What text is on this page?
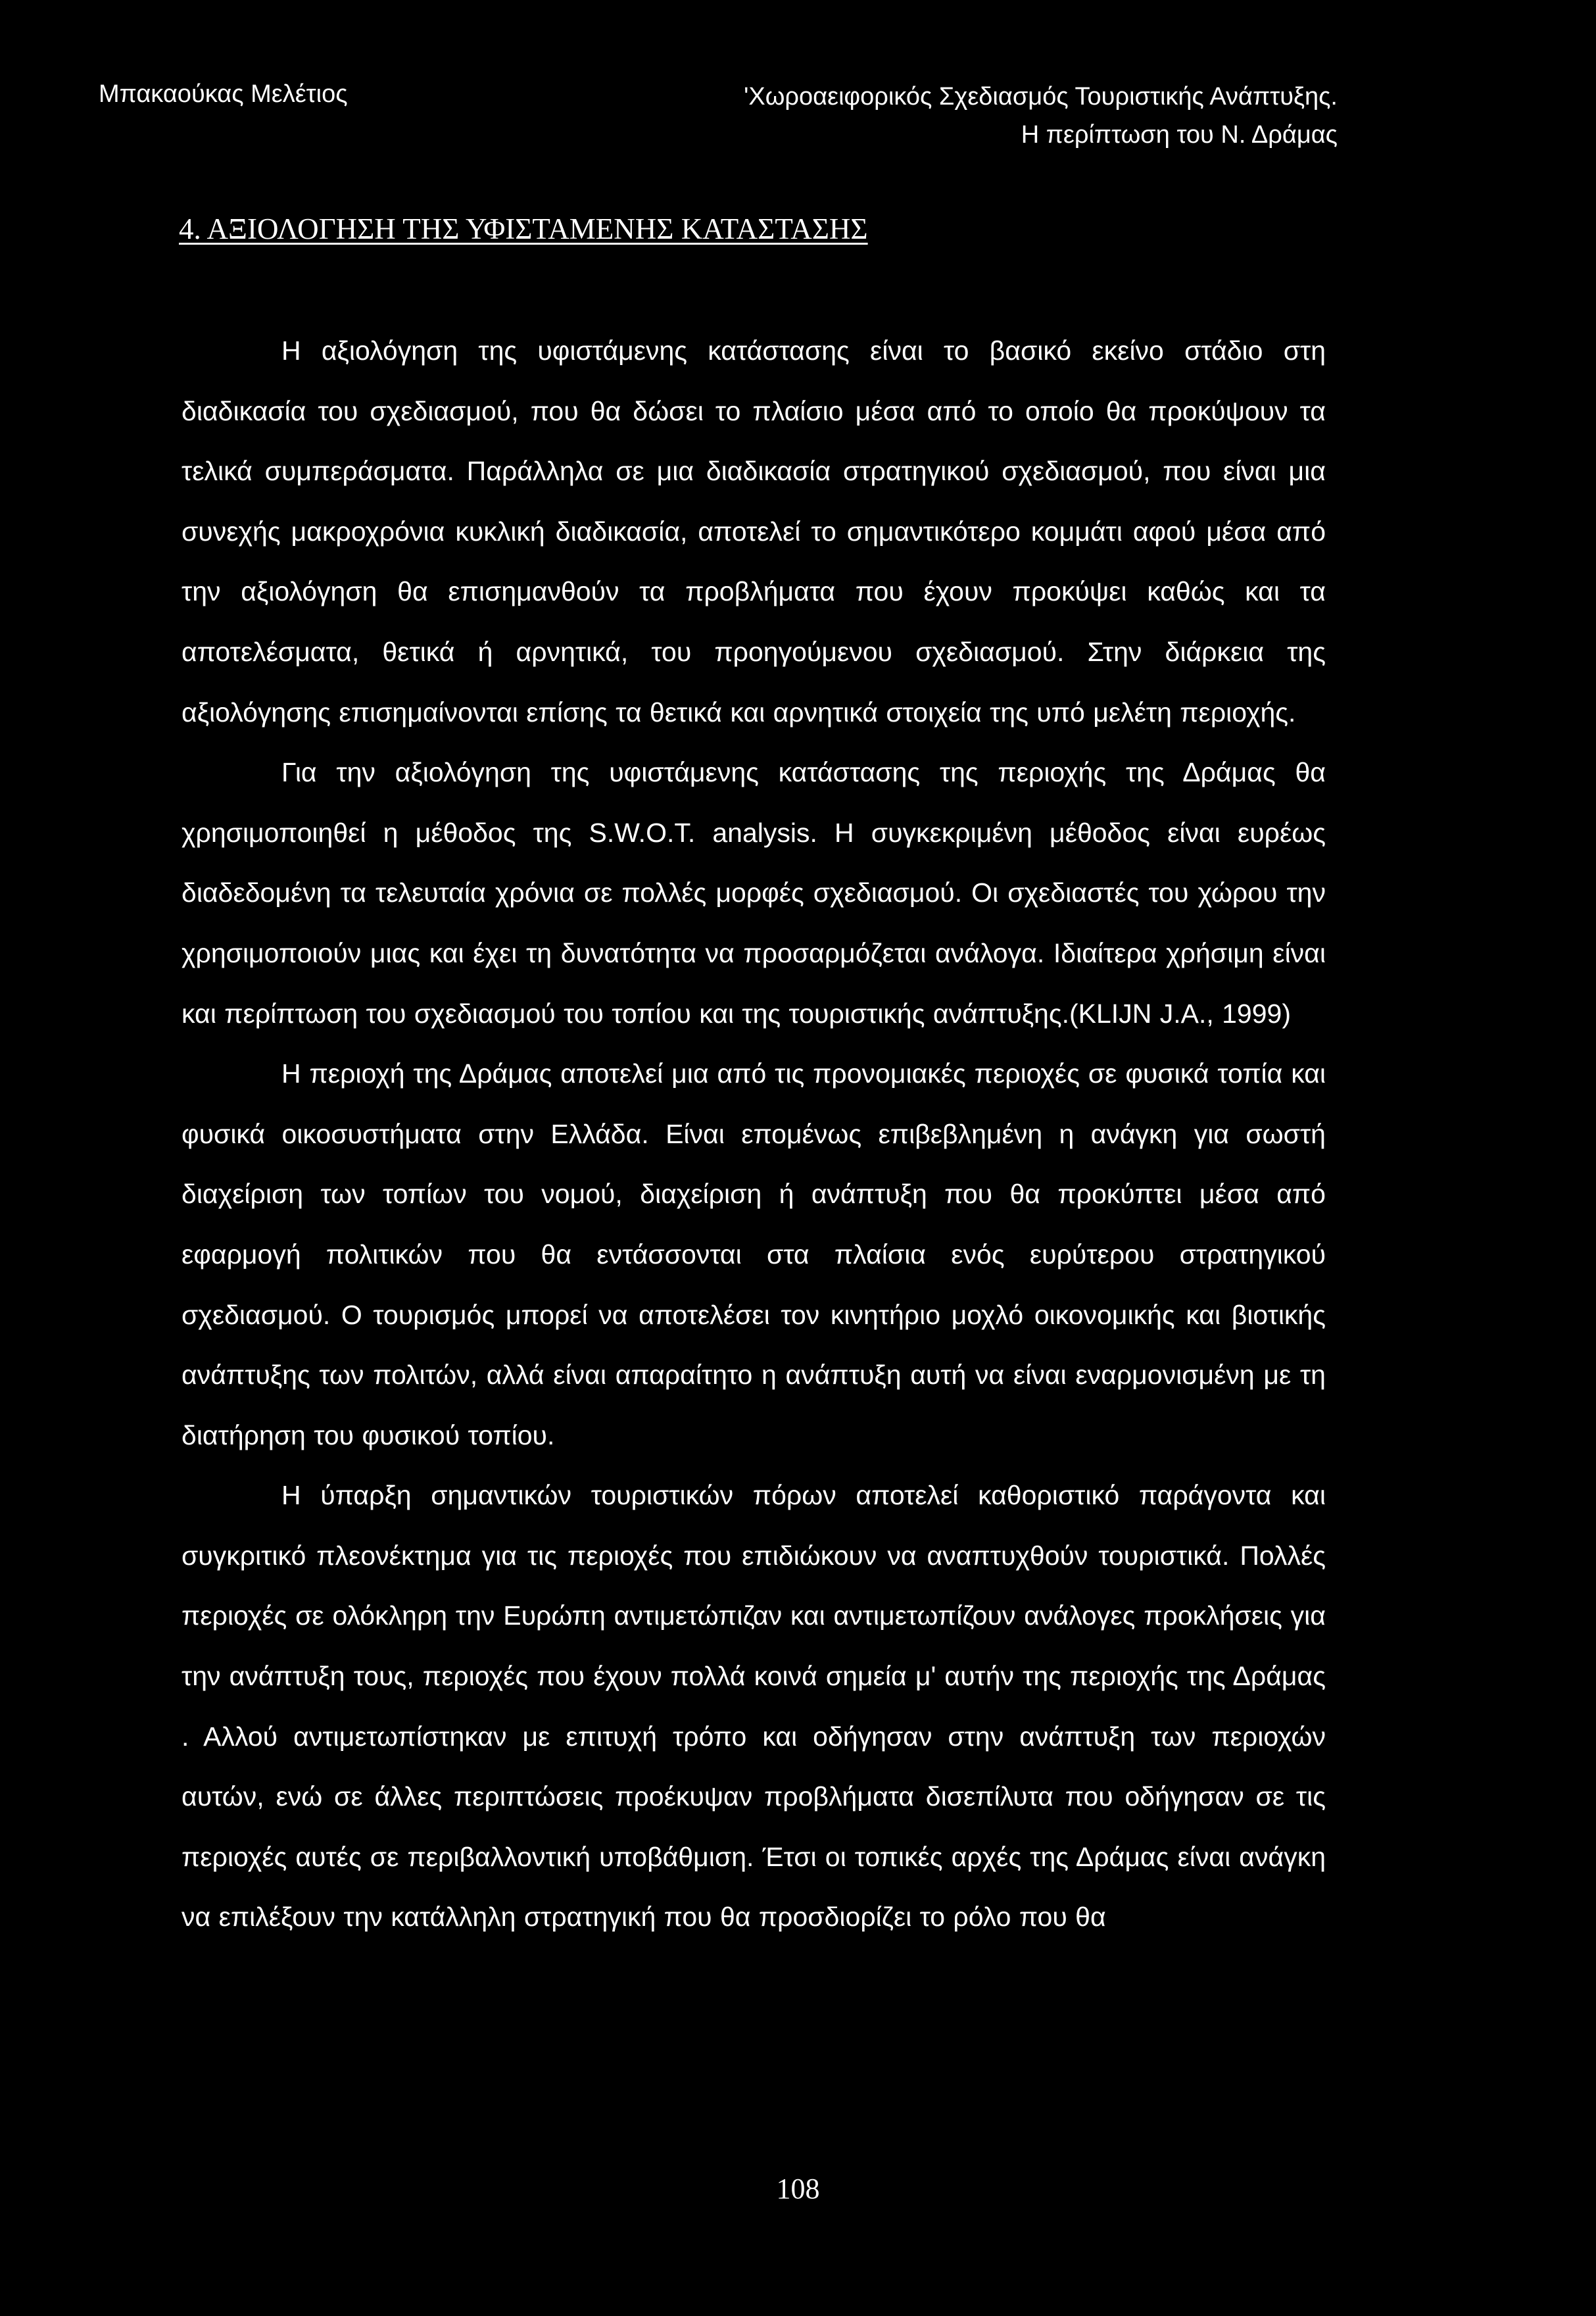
Μπακαούκας Μελέτιος	'Χωροαειφορικός Σχεδιασμός Τουριστικής Ανάπτυξης.
Η περίπτωση του Ν. Δράμας
4. ΑΞΙΟΛΟΓΗΣΗ ΤΗΣ ΥΦΙΣΤΑΜΕΝΗΣ ΚΑΤΑΣΤΑΣΗΣ

Η αξιολόγηση της υφιστάμενης κατάστασης είναι το βασικό εκείνο στάδιο στη διαδικασία του σχεδιασμού, που θα δώσει το πλαίσιο μέσα από το οποίο θα προκύψουν τα τελικά συμπεράσματα. Παράλληλα σε μια διαδικασία στρατηγικού σχεδιασμού, που είναι μια συνεχής μακροχρόνια κυκλική διαδικασία, αποτελεί το σημαντικότερο κομμάτι αφού μέσα από την αξιολόγηση θα επισημανθούν τα προβλήματα που έχουν προκύψει καθώς και τα αποτελέσματα, θετικά ή αρνητικά, του προηγούμενου σχεδιασμού. Στην διάρκεια της αξιολόγησης επισημαίνονται επίσης τα θετικά και αρνητικά στοιχεία της υπό μελέτη περιοχής.

Για την αξιολόγηση της υφιστάμενης κατάστασης της περιοχής της Δράμας θα χρησιμοποιηθεί η μέθοδος της S.W.O.T. analysis. Η συγκεκριμένη μέθοδος είναι ευρέως διαδεδομένη τα τελευταία χρόνια σε πολλές μορφές σχεδιασμού. Οι σχεδιαστές του χώρου την χρησιμοποιούν μιας και έχει τη δυνατότητα να προσαρμόζεται ανάλογα. Ιδιαίτερα χρήσιμη είναι και περίπτωση του σχεδιασμού του τοπίου και της τουριστικής ανάπτυξης.(KLIJN J.A., 1999)

Η περιοχή της Δράμας αποτελεί μια από τις προνομιακές περιοχές σε φυσικά τοπία και φυσικά οικοσυστήματα στην Ελλάδα. Είναι επομένως επιβεβλημένη η ανάγκη για σωστή διαχείριση των τοπίων του νομού, διαχείριση ή ανάπτυξη που θα προκύπτει μέσα από εφαρμογή πολιτικών που θα εντάσσονται στα πλαίσια ενός ευρύτερου στρατηγικού σχεδιασμού. Ο τουρισμός μπορεί να αποτελέσει τον κινητήριο μοχλό οικονομικής και βιοτικής ανάπτυξης των πολιτών, αλλά είναι απαραίτητο η ανάπτυξη αυτή να είναι εναρμονισμένη με τη διατήρηση του φυσικού τοπίου.

Η ύπαρξη σημαντικών τουριστικών πόρων αποτελεί καθοριστικό παράγοντα και συγκριτικό πλεονέκτημα για τις περιοχές που επιδιώκουν να αναπτυχθούν τουριστικά. Πολλές περιοχές σε ολόκληρη την Ευρώπη αντιμετώπιζαν και αντιμετωπίζουν ανάλογες προκλήσεις για την ανάπτυξη τους, περιοχές που έχουν πολλά κοινά σημεία μ' αυτήν της περιοχής της Δράμας . Αλλού αντιμετωπίστηκαν με επιτυχή τρόπο και οδήγησαν στην ανάπτυξη των περιοχών αυτών, ενώ σε άλλες περιπτώσεις προέκυψαν προβλήματα δισεπίλυτα που οδήγησαν σε τις περιοχές αυτές σε περιβαλλοντική υποβάθμιση. Έτσι οι τοπικές αρχές της Δράμας είναι ανάγκη να επιλέξουν την κατάλληλη στρατηγική που θα προσδιορίζει το ρόλο που θα

108
